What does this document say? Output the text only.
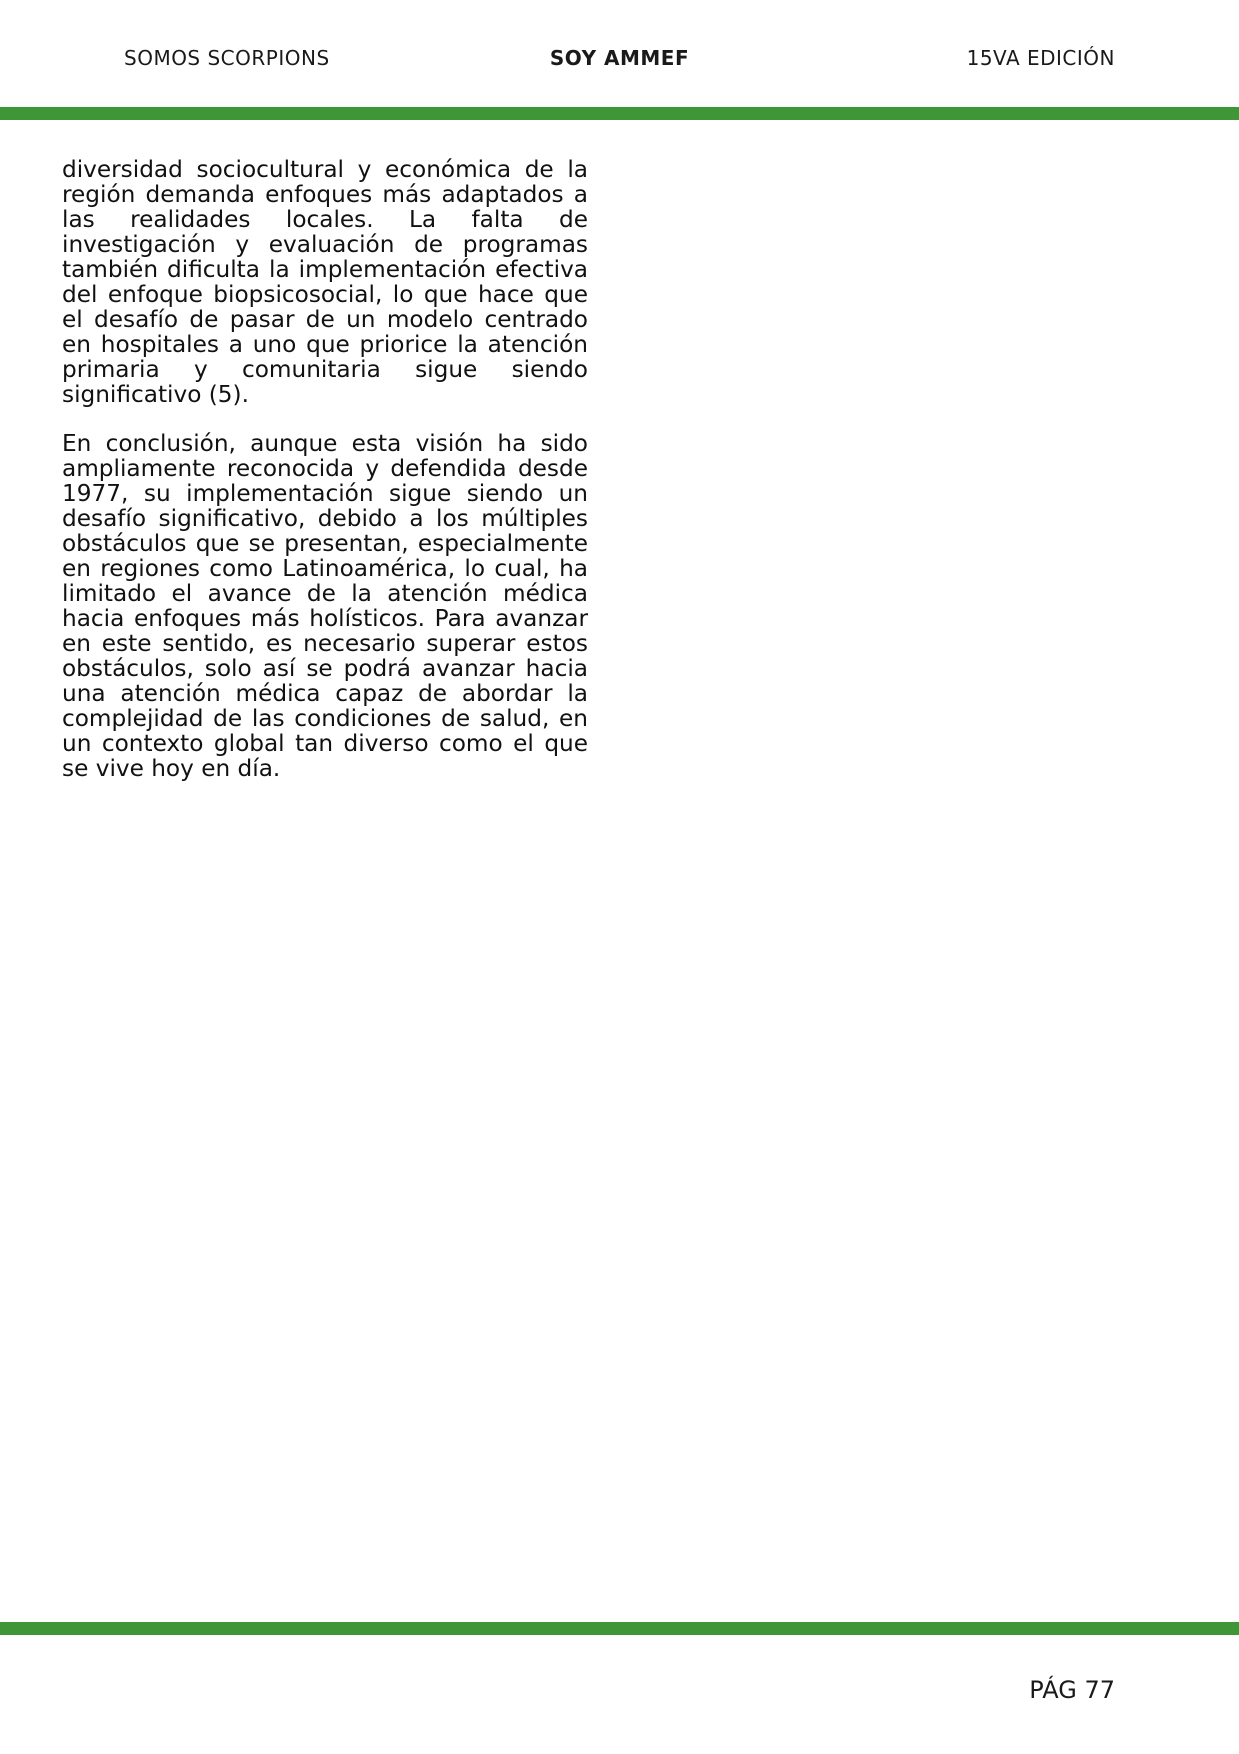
SOMOS SCORPIONS	SOY AMMEF	15VA EDICIÓN

diversidad sociocultural y económica de la región demanda enfoques más adaptados a las realidades locales. La falta de investigación y evaluación de programas también dificulta la implementación efectiva del enfoque biopsicosocial, lo que hace que el desafío de pasar de un modelo centrado en hospitales a uno que priorice la atención primaria y comunitaria sigue siendo significativo (5).

En conclusión, aunque esta visión ha sido ampliamente reconocida y defendida desde 1977, su implementación sigue siendo un desafío significativo, debido a los múltiples obstáculos que se presentan, especialmente en regiones como Latinoamérica, lo cual, ha limitado el avance de la atención médica hacia enfoques más holísticos. Para avanzar en este sentido, es necesario superar estos obstáculos, solo así se podrá avanzar hacia una atención médica capaz de abordar la complejidad de las condiciones de salud, en un contexto global tan diverso como el que se vive hoy en día.

PÁG 77
